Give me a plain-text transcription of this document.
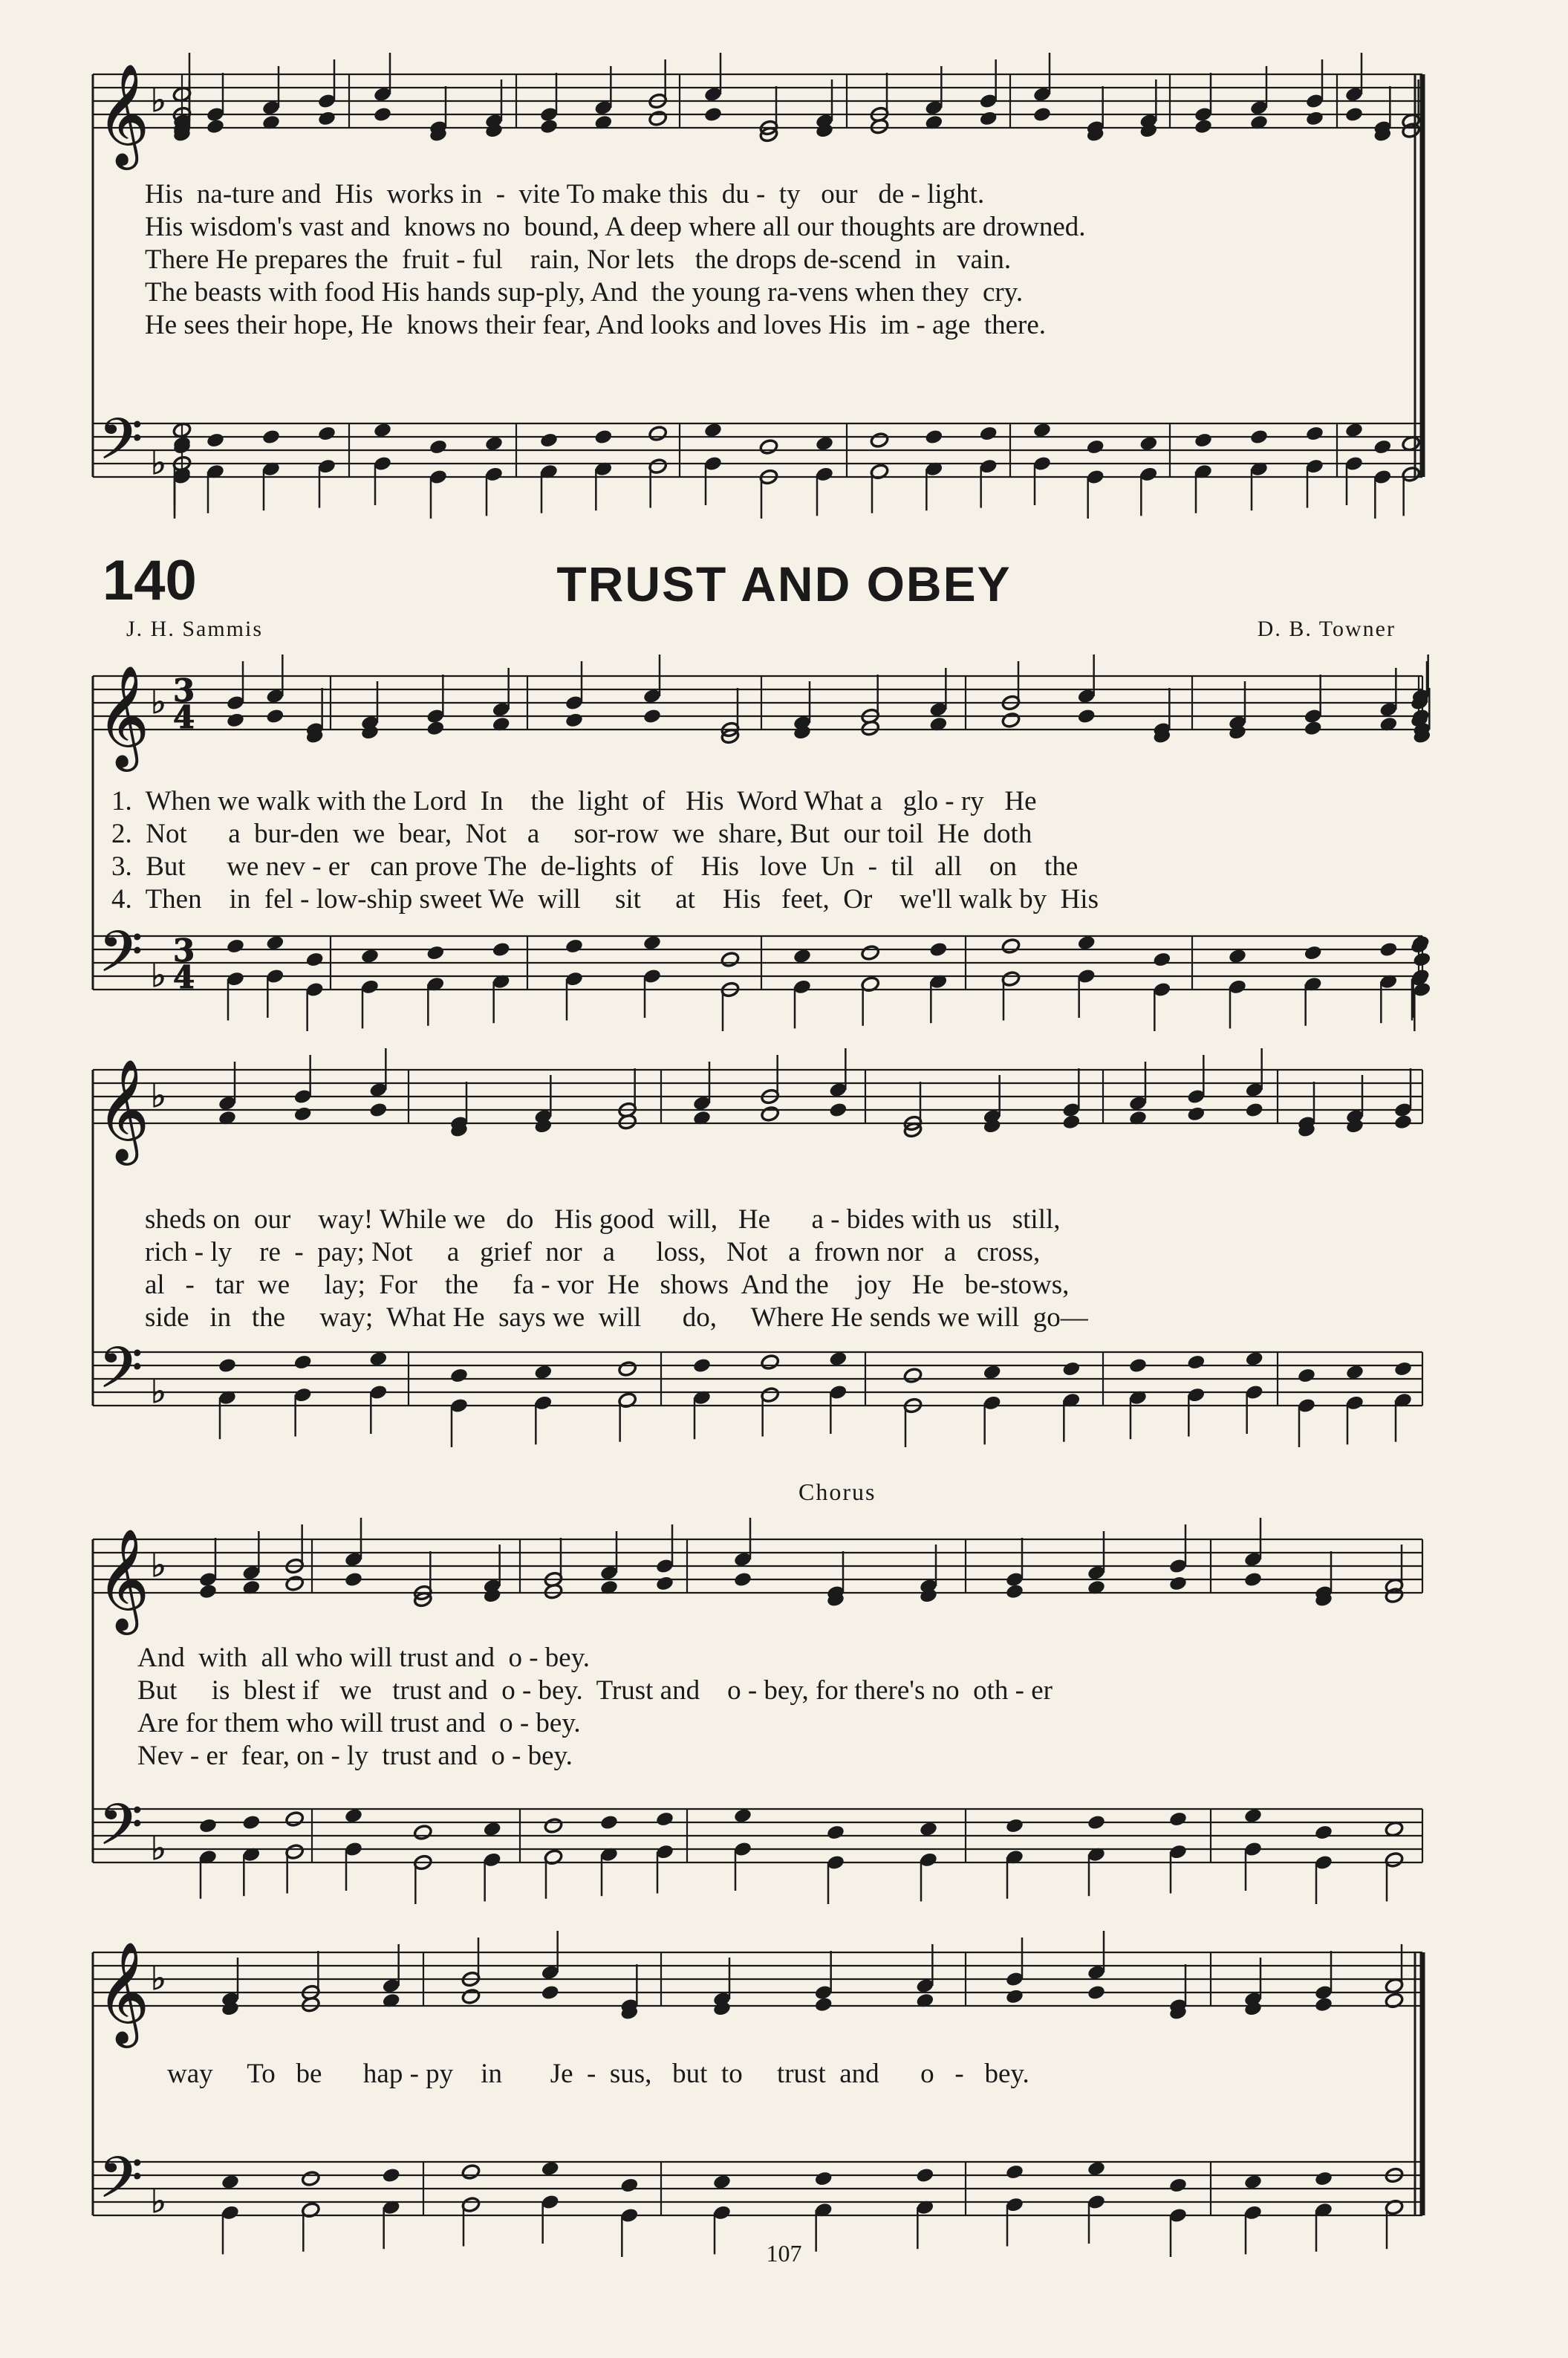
𝄞
𝄢
♭
♭
𝄞
𝄢
♭
♭
3
4
3
4
𝄞
𝄢
♭
♭
𝄞
𝄢
♭
♭
𝄞
𝄢
♭
♭
His  na-ture and  His  works in  -  vite To make this  du -  ty   our   de - light.
His wisdom's vast and  knows no  bound, A deep where all our thoughts are drowned.
There He prepares the  fruit - ful    rain, Nor lets   the drops de-scend  in   vain.
The beasts with food His hands sup-ply, And  the young ra-vens when they  cry.
He sees their hope, He  knows their fear, And looks and loves His  im - age  there.
140	TRUST AND OBEY
J. H. Sammis	D. B. Towner
1.  When we walk with the Lord  In    the  light  of   His  Word What a   glo - ry   He
2.  Not      a  bur-den  we  bear,  Not   a     sor-row  we  share, But  our toil  He  doth
3.  But      we nev - er   can prove The  de-lights  of    His   love  Un  -  til   all    on    the
4.  Then    in  fel - low-ship sweet We  will     sit     at    His   feet,  Or    we'll walk by  His
sheds on  our    way! While we   do   His good  will,   He      a - bides with us   still,
rich - ly    re  -  pay; Not     a   grief  nor   a      loss,   Not   a  frown nor   a   cross,
al   -   tar  we     lay;  For    the     fa - vor  He   shows  And the    joy   He   be-stows,
side   in   the     way;  What He  says we  will      do,     Where He sends we will  go—
Chorus
And  with  all who will trust and  o - bey.
But     is  blest if   we   trust and  o - bey.  Trust and    o - bey, for there's no  oth - er
Are for them who will trust and  o - bey.
Nev - er  fear, on - ly  trust and  o - bey.
way     To   be      hap - py    in       Je  -  sus,   but  to     trust  and      o   -   bey.
107
